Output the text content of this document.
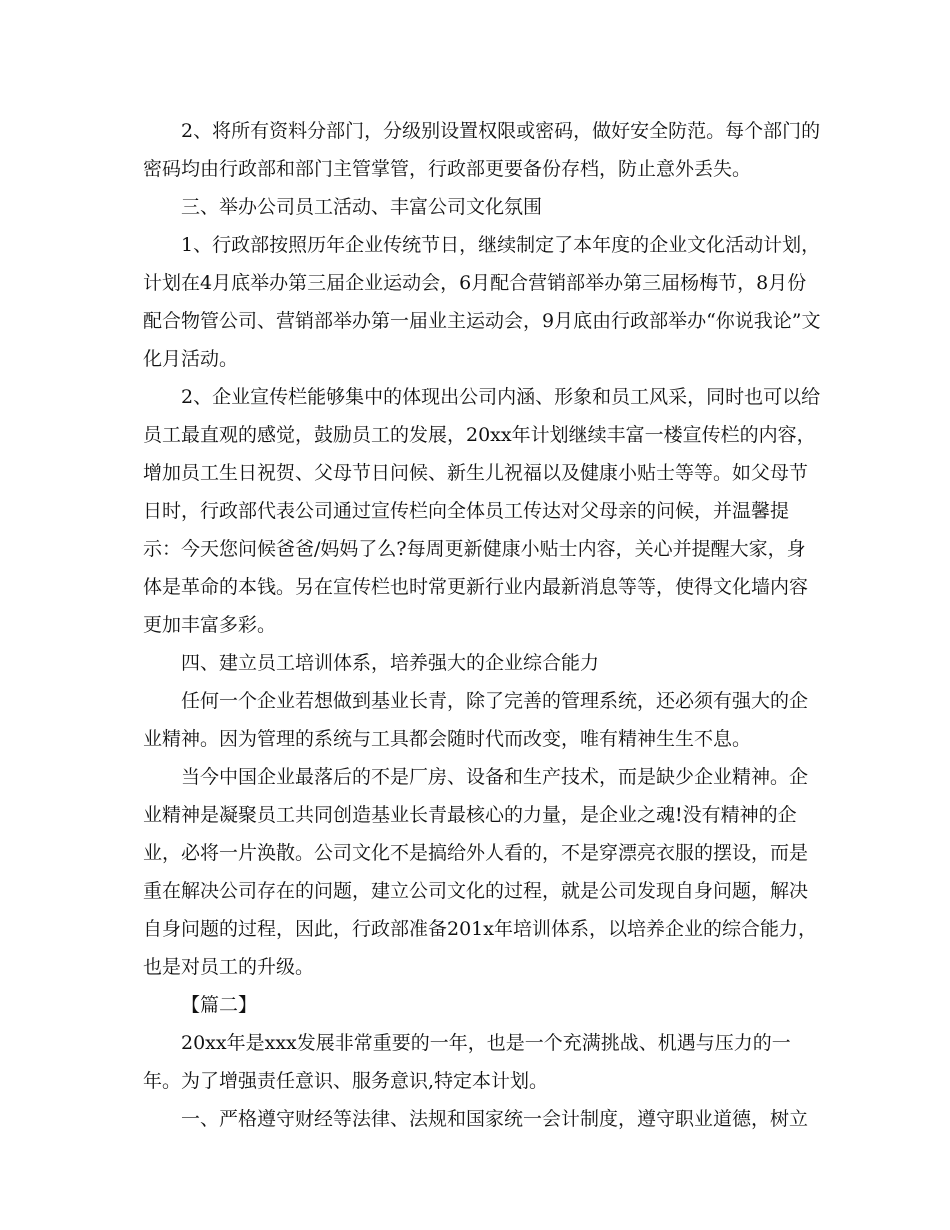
2、将所有资料分部门，分级别设置权限或密码，做好安全防范。每个部门的密码均由行政部和部门主管掌管，行政部更要备份存档，防止意外丢失。

三、举办公司员工活动、丰富公司文化氛围

1、行政部按照历年企业传统节日，继续制定了本年度的企业文化活动计划，计划在4月底举办第三届企业运动会，6月配合营销部举办第三届杨梅节，8月份配合物管公司、营销部举办第一届业主运动会，9月底由行政部举办“你说我论”文化月活动。

2、企业宣传栏能够集中的体现出公司内涵、形象和员工风采，同时也可以给员工最直观的感觉，鼓励员工的发展，20xx年计划继续丰富一楼宣传栏的内容，增加员工生日祝贺、父母节日问候、新生儿祝福以及健康小贴士等等。如父母节日时，行政部代表公司通过宣传栏向全体员工传达对父母亲的问候，并温馨提示：今天您问候爸爸/妈妈了么?每周更新健康小贴士内容，关心并提醒大家，身体是革命的本钱。另在宣传栏也时常更新行业内最新消息等等，使得文化墙内容更加丰富多彩。

四、建立员工培训体系，培养强大的企业综合能力

任何一个企业若想做到基业长青，除了完善的管理系统，还必须有强大的企业精神。因为管理的系统与工具都会随时代而改变，唯有精神生生不息。

当今中国企业最落后的不是厂房、设备和生产技术，而是缺少企业精神。企业精神是凝聚员工共同创造基业长青最核心的力量，是企业之魂!没有精神的企业，必将一片涣散。公司文化不是搞给外人看的，不是穿漂亮衣服的摆设，而是重在解决公司存在的问题，建立公司文化的过程，就是公司发现自身问题，解决自身问题的过程，因此，行政部准备201x年培训体系，以培养企业的综合能力，也是对员工的升级。

【篇二】

20xx年是xxx发展非常重要的一年，也是一个充满挑战、机遇与压力的一年。为了增强责任意识、服务意识,特定本计划。

一、严格遵守财经等法律、法规和国家统一会计制度，遵守职业道德，树立
